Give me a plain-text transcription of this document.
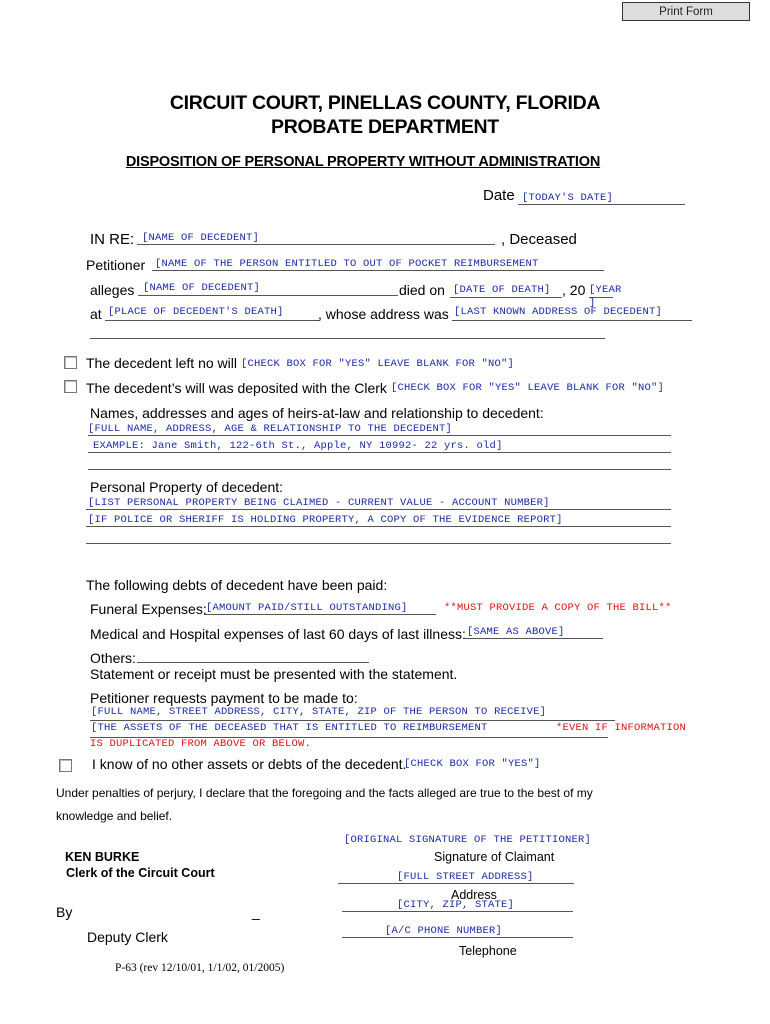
Print Form
CIRCUIT COURT, PINELLAS COUNTY, FLORIDA
PROBATE DEPARTMENT
DISPOSITION OF PERSONAL PROPERTY WITHOUT ADMINISTRATION
Date [TODAY'S DATE]
IN RE: [NAME OF DECEDENT]	, Deceased
Petitioner [NAME OF THE PERSON ENTITLED TO OUT OF POCKET REIMBURSEMENT
alleges [NAME OF DECEDENT]	died on [DATE OF DEATH] , 20 [YEAR
]
at [PLACE OF DECEDENT'S DEATH] , whose address was [LAST KNOWN ADDRESS OF DECEDENT]
The decedent left no will [CHECK BOX FOR "YES" LEAVE BLANK FOR "NO"]
The decedent’s will was deposited with the Clerk [CHECK BOX FOR "YES" LEAVE BLANK FOR "NO"]
Names, addresses and ages of heirs-at-law and relationship to decedent:
[FULL NAME, ADDRESS, AGE & RELATIONSHIP TO THE DECEDENT]
EXAMPLE: Jane Smith, 122-6th St., Apple, NY 10992- 22 yrs. old]
Personal Property of decedent:
[LIST PERSONAL PROPERTY BEING CLAIMED - CURRENT VALUE - ACCOUNT NUMBER]
[IF POLICE OR SHERIFF IS HOLDING PROPERTY, A COPY OF THE EVIDENCE REPORT]
The following debts of decedent have been paid:
Funeral Expenses: [AMOUNT PAID/STILL OUTSTANDING]	**MUST PROVIDE A COPY OF THE BILL**
Medical and Hospital expenses of last 60 days of last illness: [SAME AS ABOVE]
Others:
Statement or receipt must be presented with the statement.
Petitioner requests payment to be made to:
[FULL NAME, STREET ADDRESS, CITY, STATE, ZIP OF THE PERSON TO RECEIVE]
[THE ASSETS OF THE DECEASED THAT IS ENTITLED TO REIMBURSEMENT	*EVEN IF INFORMATION
IS DUPLICATED FROM ABOVE OR BELOW.
I know of no other assets or debts of the decedent.
[CHECK BOX FOR "YES"]
Under penalties of perjury, I declare that the foregoing and the facts alleged are true to the best of my
knowledge and belief.
[ORIGINAL SIGNATURE OF THE PETITIONER]
Signature of Claimant
KEN BURKE
Clerk of the Circuit Court	[FULL STREET ADDRESS]
Address
By	_	[CITY, ZIP, STATE]
Deputy Clerk	[A/C PHONE NUMBER]
Telephone
P-63 (rev 12/10/01, 1/1/02, 01/2005)
